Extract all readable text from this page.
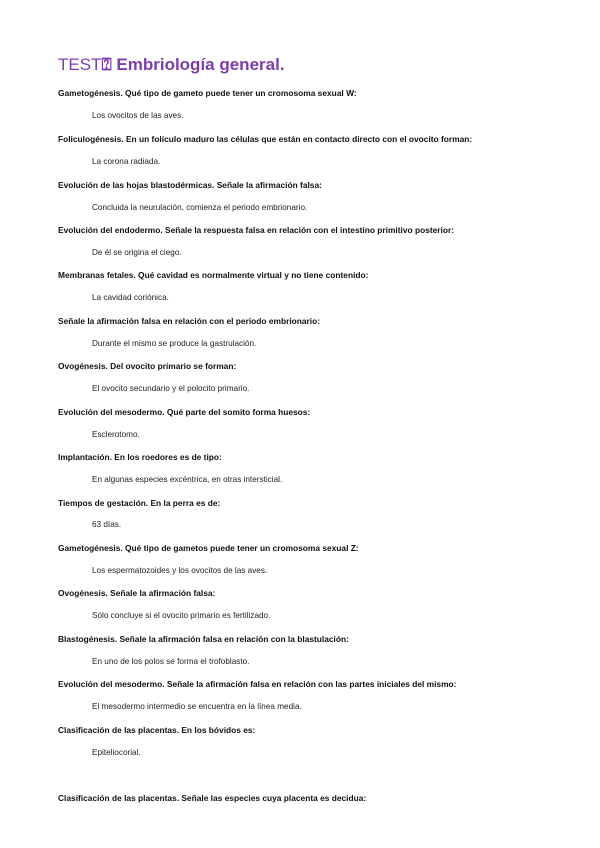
TEST⍰ Embriología general.
Gametogénesis. Qué tipo de gameto puede tener un cromosoma sexual W:
Los ovocitos de las aves.
Foliculogénesis. En un folículo maduro las células que están en contacto directo con el ovocito forman:
La corona radiada.
Evolución de las hojas blastodérmicas. Señale la afirmación falsa:
Concluida la neurulación, comienza el periodo embrionario.
Evolución del endodermo. Señale la respuesta falsa en relación con el intestino primitivo posterior:
De él se origina el ciego.
Membranas fetales. Qué cavidad es normalmente virtual y no tiene contenido:
La cavidad coriónica.
Señale la afirmación falsa en relación con el periodo embrionario:
Durante el mismo se produce la gastrulación.
Ovogénesis. Del ovocito primario se forman:
El ovocito secundario y el polocito primario.
Evolución del mesodermo. Qué parte del somito forma huesos:
Esclerotomo.
Implantación. En los roedores es de tipo:
En algunas especies excéntrica, en otras intersticial.
Tiempos de gestación. En la perra es de:
63 días.
Gametogénesis. Qué tipo de gametos puede tener un cromosoma sexual Z:
Los espermatozoides y los ovocitos de las aves.
Ovogénesis. Señale la afirmación falsa:
Sólo concluye si el ovocito primario es fertilizado.
Blastogénesis. Señale la afirmación falsa en relación con la blastulación:
En uno de los polos se forma el trofoblasto.
Evolución del mesodermo. Señale la afirmación falsa en relación con las partes iniciales del mismo:
El mesodermo intermedio se encuentra en la línea media.
Clasificación de las placentas. En los bóvidos es:
Epiteliocorial.
Clasificación de las placentas. Señale las especies cuya placenta es decidua:
